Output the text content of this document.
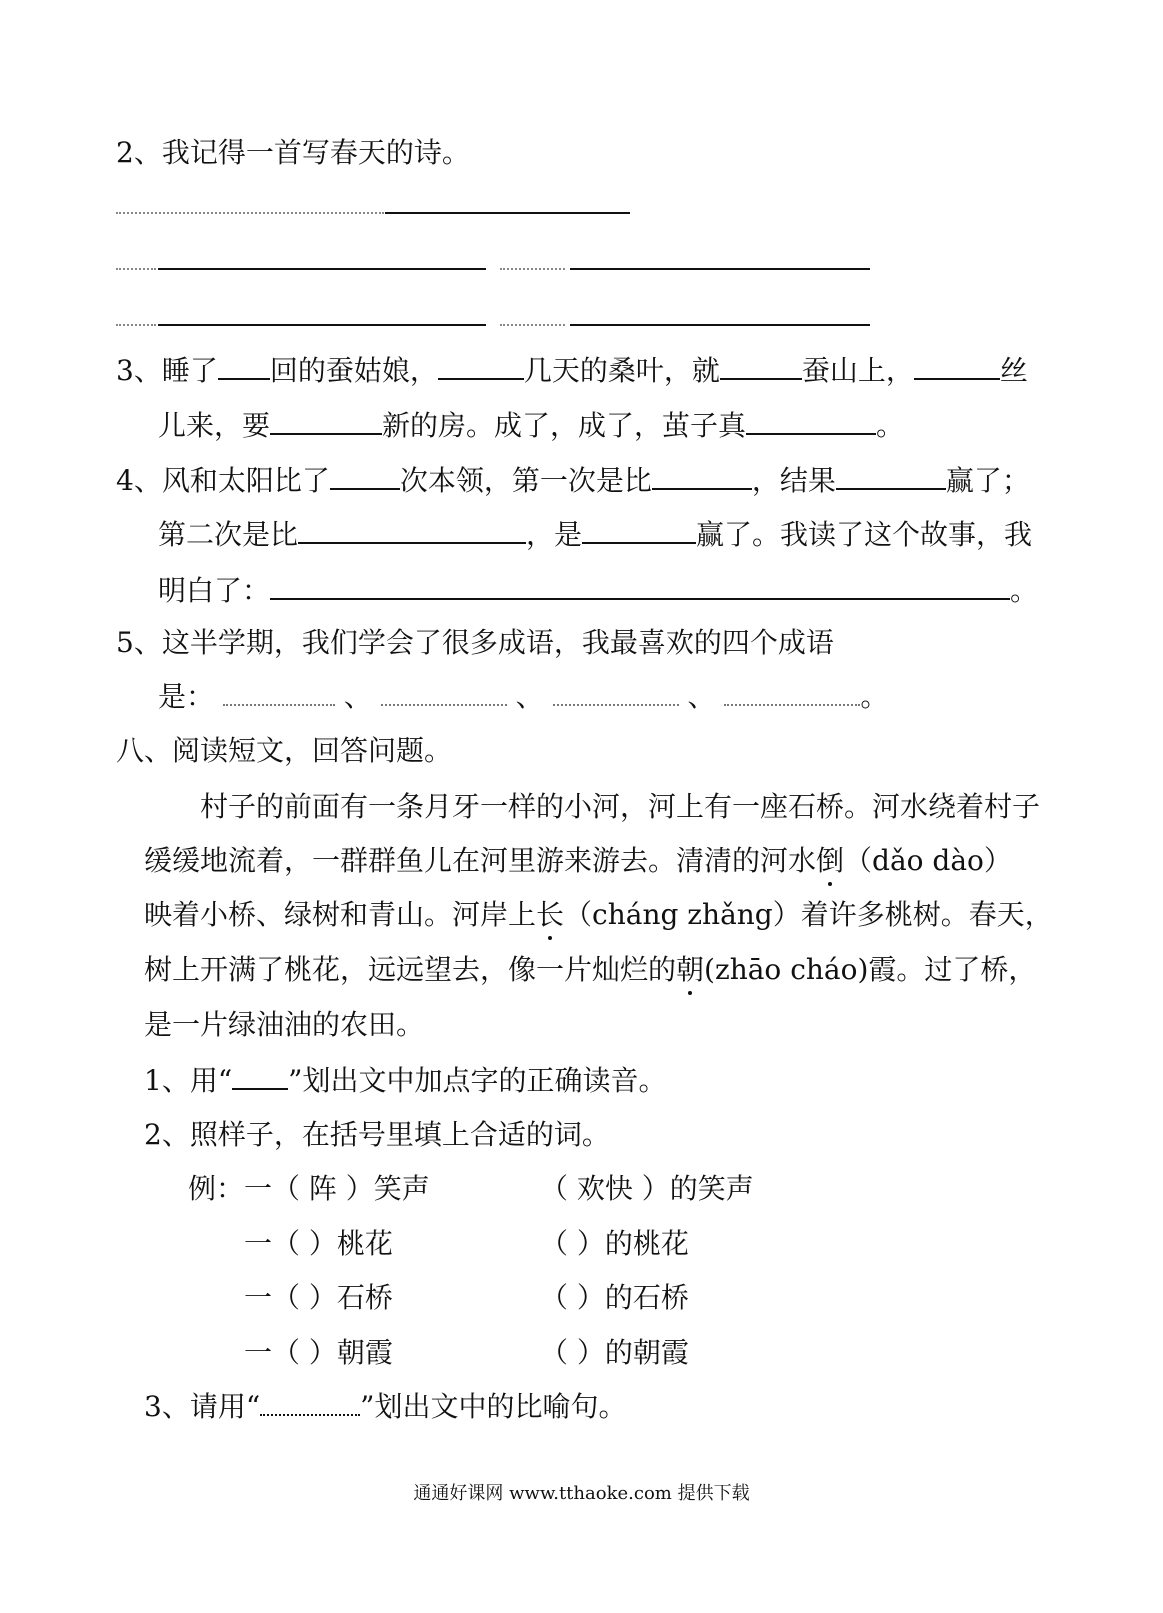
2、我记得一首写春天的诗。
3、睡了 回的蚕姑娘，	几天的桑叶，就	蚕山上，	丝
儿来，要	新的房。成了，成了，茧子真	。
4、风和太阳比了	次本领，第一次是比	，结果	赢了；
第二次是比	，是	赢了。我读了这个故事，我
明白了：	。
5、这半学期，我们学会了很多成语，我最喜欢的四个成语
是：	、	、	、	。
八、阅读短文，回答问题。
村子的前面有一条月牙一样的小河，河上有一座石桥。河水绕着村子
缓缓地流着，一群群鱼儿在河里游来游去。清清的河水倒（dǎo dào）
映着小桥、绿树和青山。河岸上长（cháng zhǎng）着许多桃树。春天，
树上开满了桃花，远远望去，像一片灿烂的朝(zhāo cháo)霞。过了桥，
是一片绿油油的农田。
1、用“ ”划出文中加点字的正确读音。
2、照样子，在括号里填上合适的词。
例： 一（ 阵 ）笑声	（ 欢快 ）的笑声
一（ ）桃花	（ ）的桃花
一（ ）石桥	（ ）的石桥
一（ ）朝霞	（ ）的朝霞
3、请用“	”划出文中的比喻句。
通通好课网 www.tthaoke.com 提供下载
